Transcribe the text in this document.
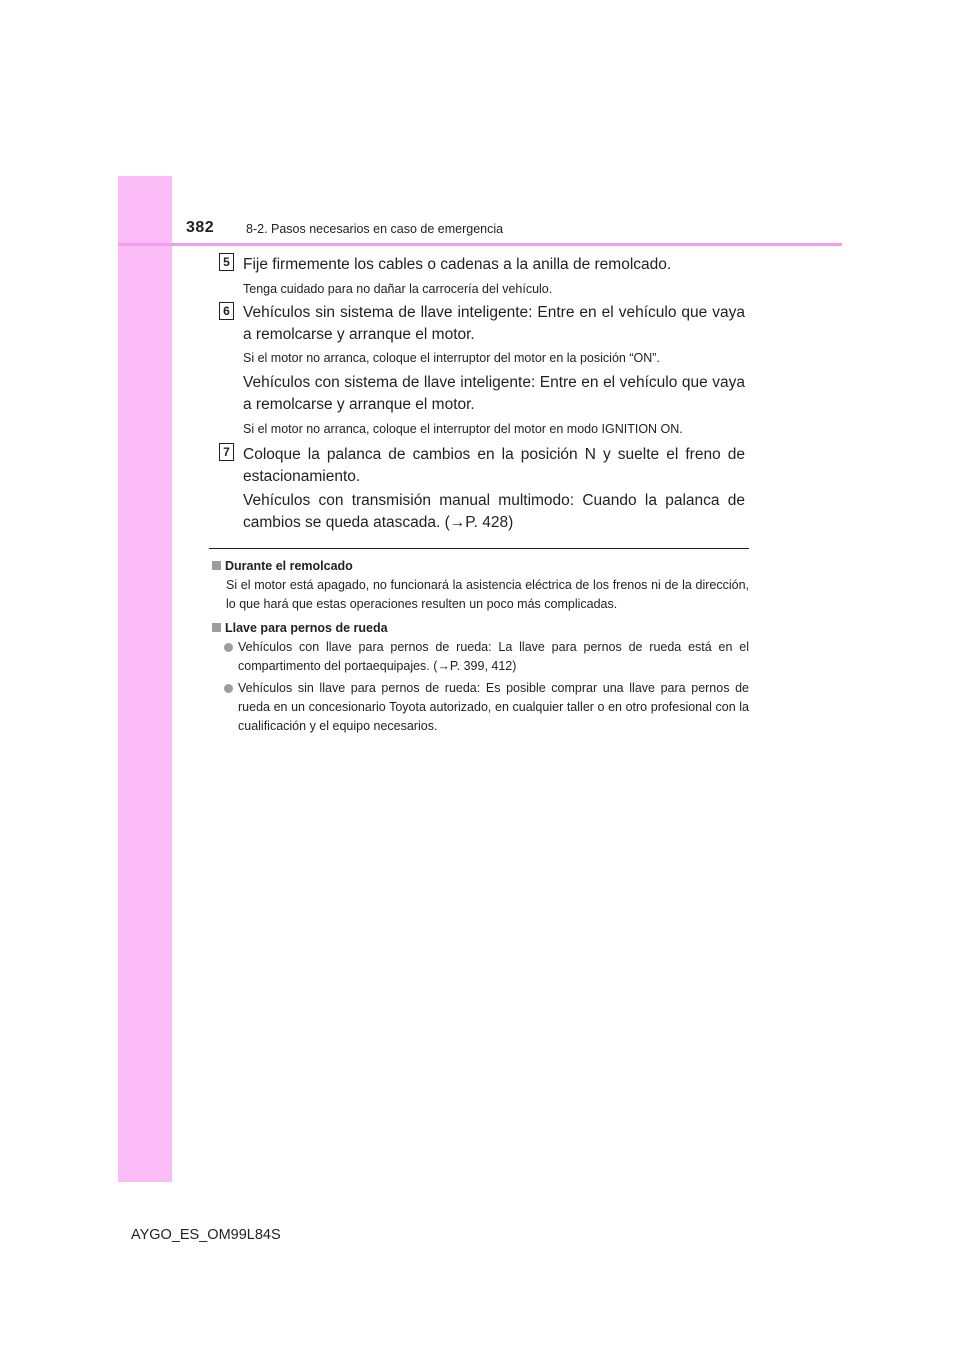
382	8-2. Pasos necesarios en caso de emergencia
5 Fije firmemente los cables o cadenas a la anilla de remolcado.
Tenga cuidado para no dañar la carrocería del vehículo.
6 Vehículos sin sistema de llave inteligente: Entre en el vehículo que vaya a remolcarse y arranque el motor.
Si el motor no arranca, coloque el interruptor del motor en la posición “ON”.
Vehículos con sistema de llave inteligente: Entre en el vehículo que vaya a remolcarse y arranque el motor.
Si el motor no arranca, coloque el interruptor del motor en modo IGNITION ON.
7 Coloque la palanca de cambios en la posición N y suelte el freno de estacionamiento.
Vehículos con transmisión manual multimodo: Cuando la palanca de cambios se queda atascada. (→P. 428)
Durante el remolcado
Si el motor está apagado, no funcionará la asistencia eléctrica de los frenos ni de la dirección, lo que hará que estas operaciones resulten un poco más complicadas.
Llave para pernos de rueda
Vehículos con llave para pernos de rueda: La llave para pernos de rueda está en el compartimento del portaequipajes. (→P. 399, 412)
Vehículos sin llave para pernos de rueda: Es posible comprar una llave para pernos de rueda en un concesionario Toyota autorizado, en cualquier taller o en otro profesional con la cualificación y el equipo necesarios.
AYGO_ES_OM99L84S
